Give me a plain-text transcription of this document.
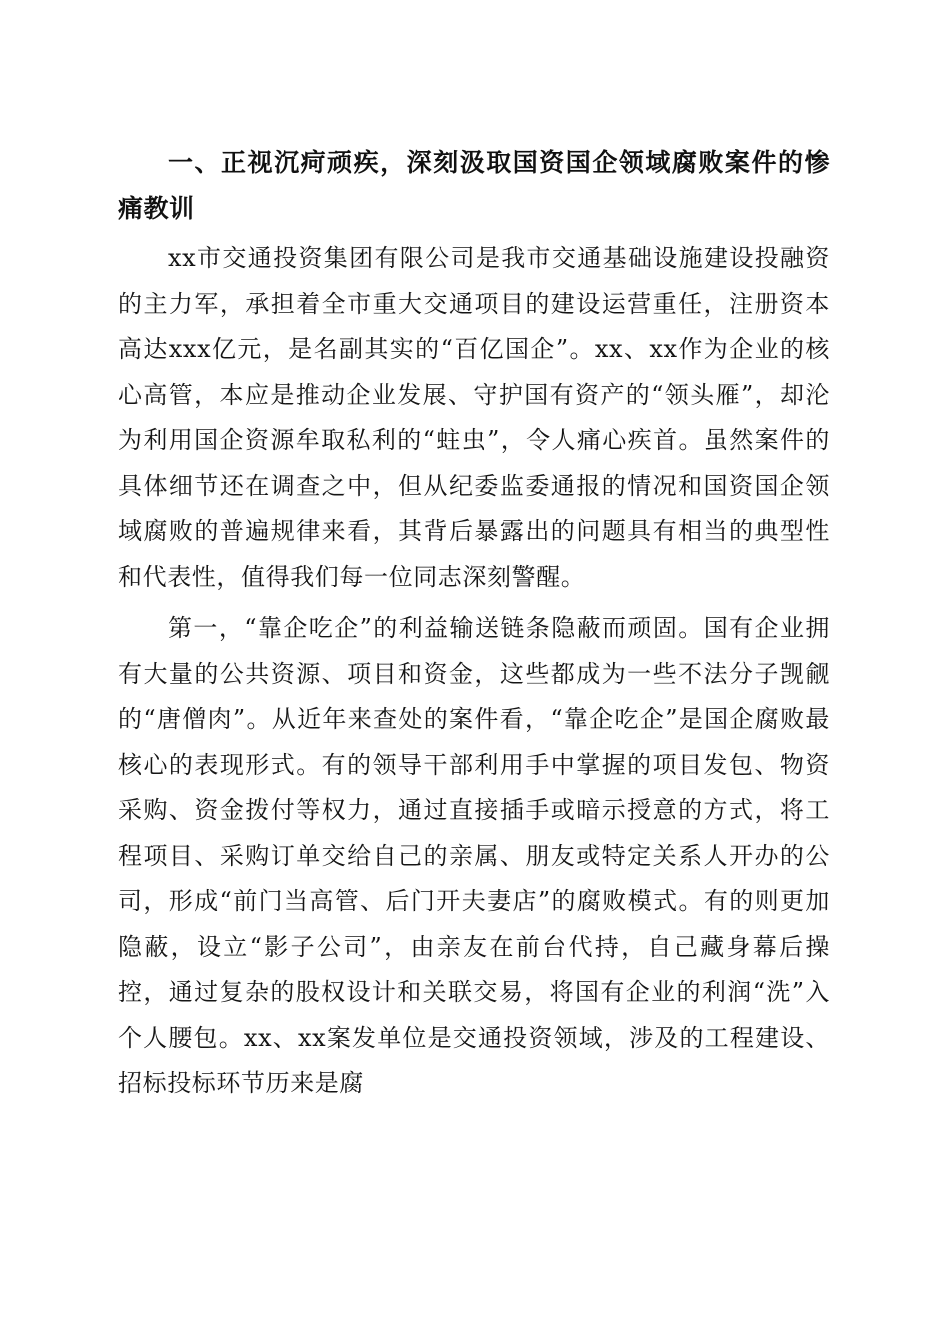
一、正视沉疴顽疾，深刻汲取国资国企领域腐败案件的惨痛教训

xx市交通投资集团有限公司是我市交通基础设施建设投融资的主力军，承担着全市重大交通项目的建设运营重任，注册资本高达xxx亿元，是名副其实的“百亿国企”。xx、xx作为企业的核心高管，本应是推动企业发展、守护国有资产的“领头雁”，却沦为利用国企资源牟取私利的“蛀虫”，令人痛心疾首。虽然案件的具体细节还在调查之中，但从纪委监委通报的情况和国资国企领域腐败的普遍规律来看，其背后暴露出的问题具有相当的典型性和代表性，值得我们每一位同志深刻警醒。

第一，“靠企吃企”的利益输送链条隐蔽而顽固。国有企业拥有大量的公共资源、项目和资金，这些都成为一些不法分子觊觎的“唐僧肉”。从近年来查处的案件看，“靠企吃企”是国企腐败最核心的表现形式。有的领导干部利用手中掌握的项目发包、物资采购、资金拨付等权力，通过直接插手或暗示授意的方式，将工程项目、采购订单交给自己的亲属、朋友或特定关系人开办的公司，形成“前门当高管、后门开夫妻店”的腐败模式。有的则更加隐蔽，设立“影子公司”，由亲友在前台代持，自己藏身幕后操控，通过复杂的股权设计和关联交易，将国有企业的利润“洗”入个人腰包。xx、xx案发单位是交通投资领域，涉及的工程建设、招标投标环节历来是腐
